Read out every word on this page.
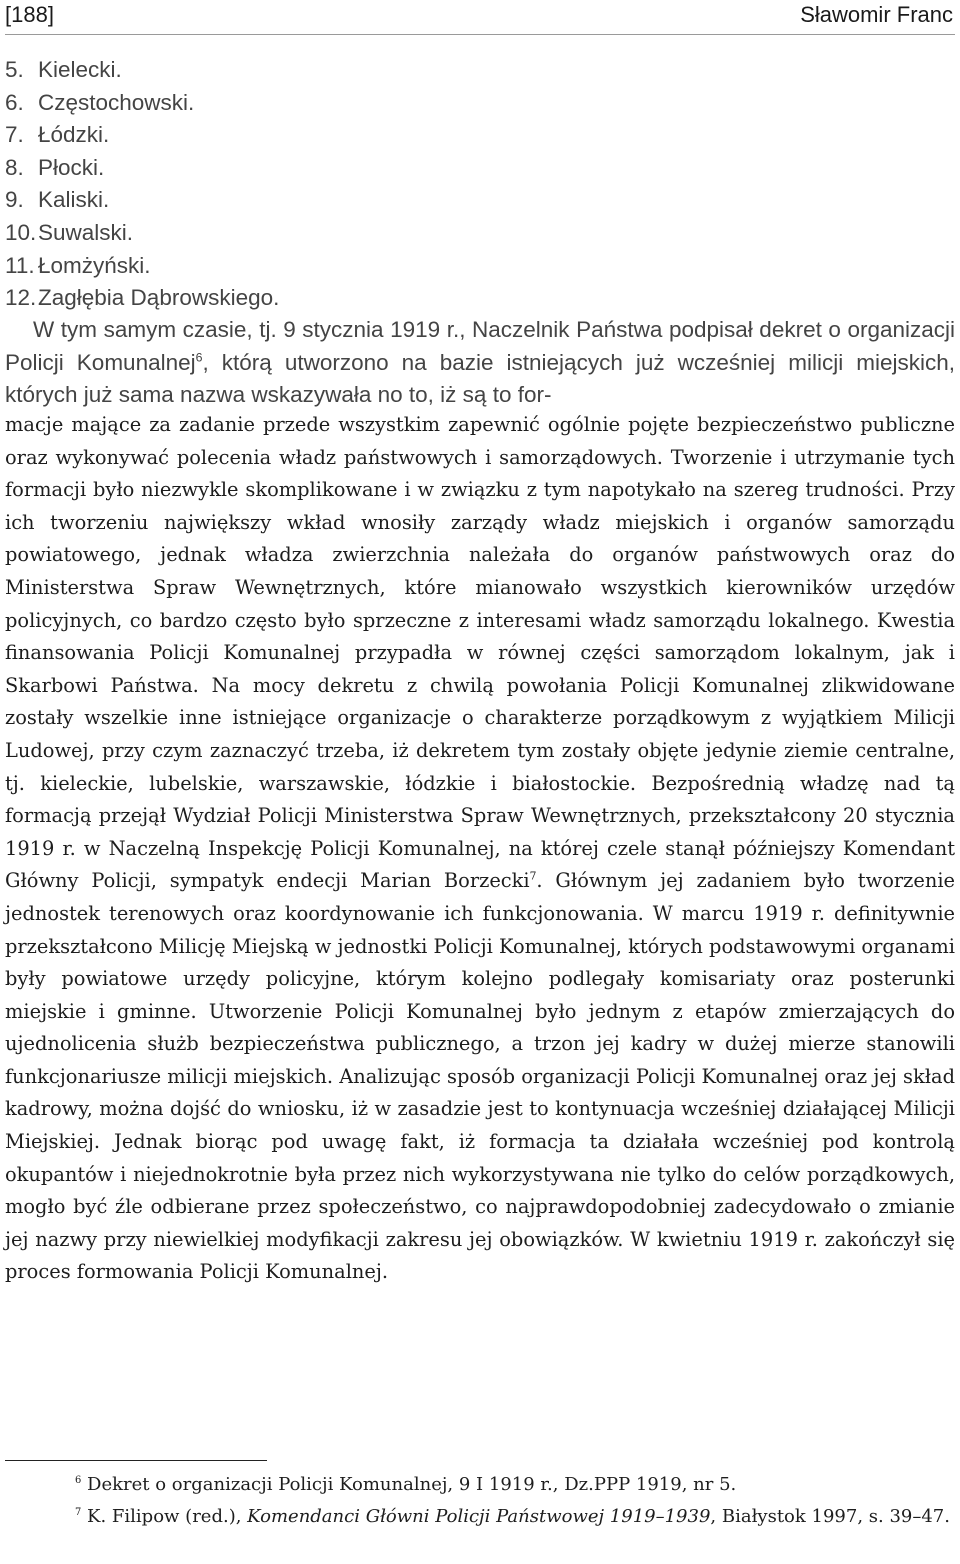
[188]	Sławomir Franc
5. Kielecki.
6. Częstochowski.
7. Łódzki.
8. Płocki.
9. Kaliski.
10.Suwalski.
11. Łomżyński.
12.Zagłębia Dąbrowskiego.

W tym samym czasie, tj. 9 stycznia 1919 r., Naczelnik Państwa podpisał dekret o organizacji Policji Komunalnej$^6$, którą utworzono na bazie istniejących już wcześniej milicji miejskich, których już sama nazwa wskazywała no to, iż są to for-

macje mające za zadanie przede wszystkim zapewnić ogólnie pojęte bezpieczeństwo publiczne oraz wykonywać polecenia władz państwowych i samorządowych. Tworzenie i utrzymanie tych formacji było niezwykle skomplikowane i w związku z tym napotykało na szereg trudności. Przy ich tworzeniu największy wkład wnosiły zarządy władz miejskich i organów samorządu powiatowego, jednak władza zwierzchnia należała do organów państwowych oraz do Ministerstwa Spraw Wewnętrznych, które mianowało wszystkich kierowników urzędów policyjnych, co bardzo często było sprzeczne z interesami władz samorządu lokalnego. Kwestia finansowania Policji Komunalnej przypadła w równej części samorządom lokalnym, jak i Skarbowi Państwa. Na mocy dekretu z chwilą powołania Policji Komunalnej zlikwidowane zostały wszelkie inne istniejące organizacje o charakterze porządkowym z wyjątkiem Milicji Ludowej, przy czym zaznaczyć trzeba, iż dekretem tym zostały objęte jedynie ziemie centralne, tj. kieleckie, lubelskie, warszawskie, łódzkie i białostockie. Bezpośrednią władzę nad tą formacją przejął Wydział Policji Ministerstwa Spraw Wewnętrznych, przekształcony 20 stycznia 1919 r. w Naczelną Inspekcję Policji Komunalnej, na której czele stanął późniejszy Komendant Główny Policji, sympatyk endecji Marian Borzecki$^7$. Głównym jej zadaniem było tworzenie jednostek terenowych oraz koordynowanie ich funkcjonowania. W marcu 1919 r. definitywnie przekształcono Milicję Miejską w jednostki Policji Komunalnej, których podstawowymi organami były powiatowe urzędy policyjne, którym kolejno podlegały komisariaty oraz posterunki miejskie i gminne. Utworzenie Policji Komunalnej było jednym z etapów zmierzających do ujednolicenia służb bezpieczeństwa publicznego, a trzon jej kadry w dużej mierze stanowili funkcjonariusze milicji miejskich. Analizując sposób organizacji Policji Komunalnej oraz jej skład kadrowy, można dojść do wniosku, iż w zasadzie jest to kontynuacja wcześniej działającej Milicji Miejskiej. Jednak biorąc pod uwagę fakt, iż formacja ta działała wcześniej pod kontrolą okupantów i niejednokrotnie była przez nich wykorzystywana nie tylko do celów porządkowych, mogło być źle odbierane przez społeczeństwo, co najprawdopodobniej zadecydowało o zmianie jej nazwy przy niewielkiej modyfikacji zakresu jej obowiązków. W kwietniu 1919 r. zakończył się proces formowania Policji Komunalnej.

$^6$ Dekret o organizacji Policji Komunalnej, 9 I 1919 r., Dz.PPP 1919, nr 5.
$^7$ K. Filipow (red.), Komendanci Główni Policji Państwowej 1919–1939, Białystok 1997, s. 39–47.
